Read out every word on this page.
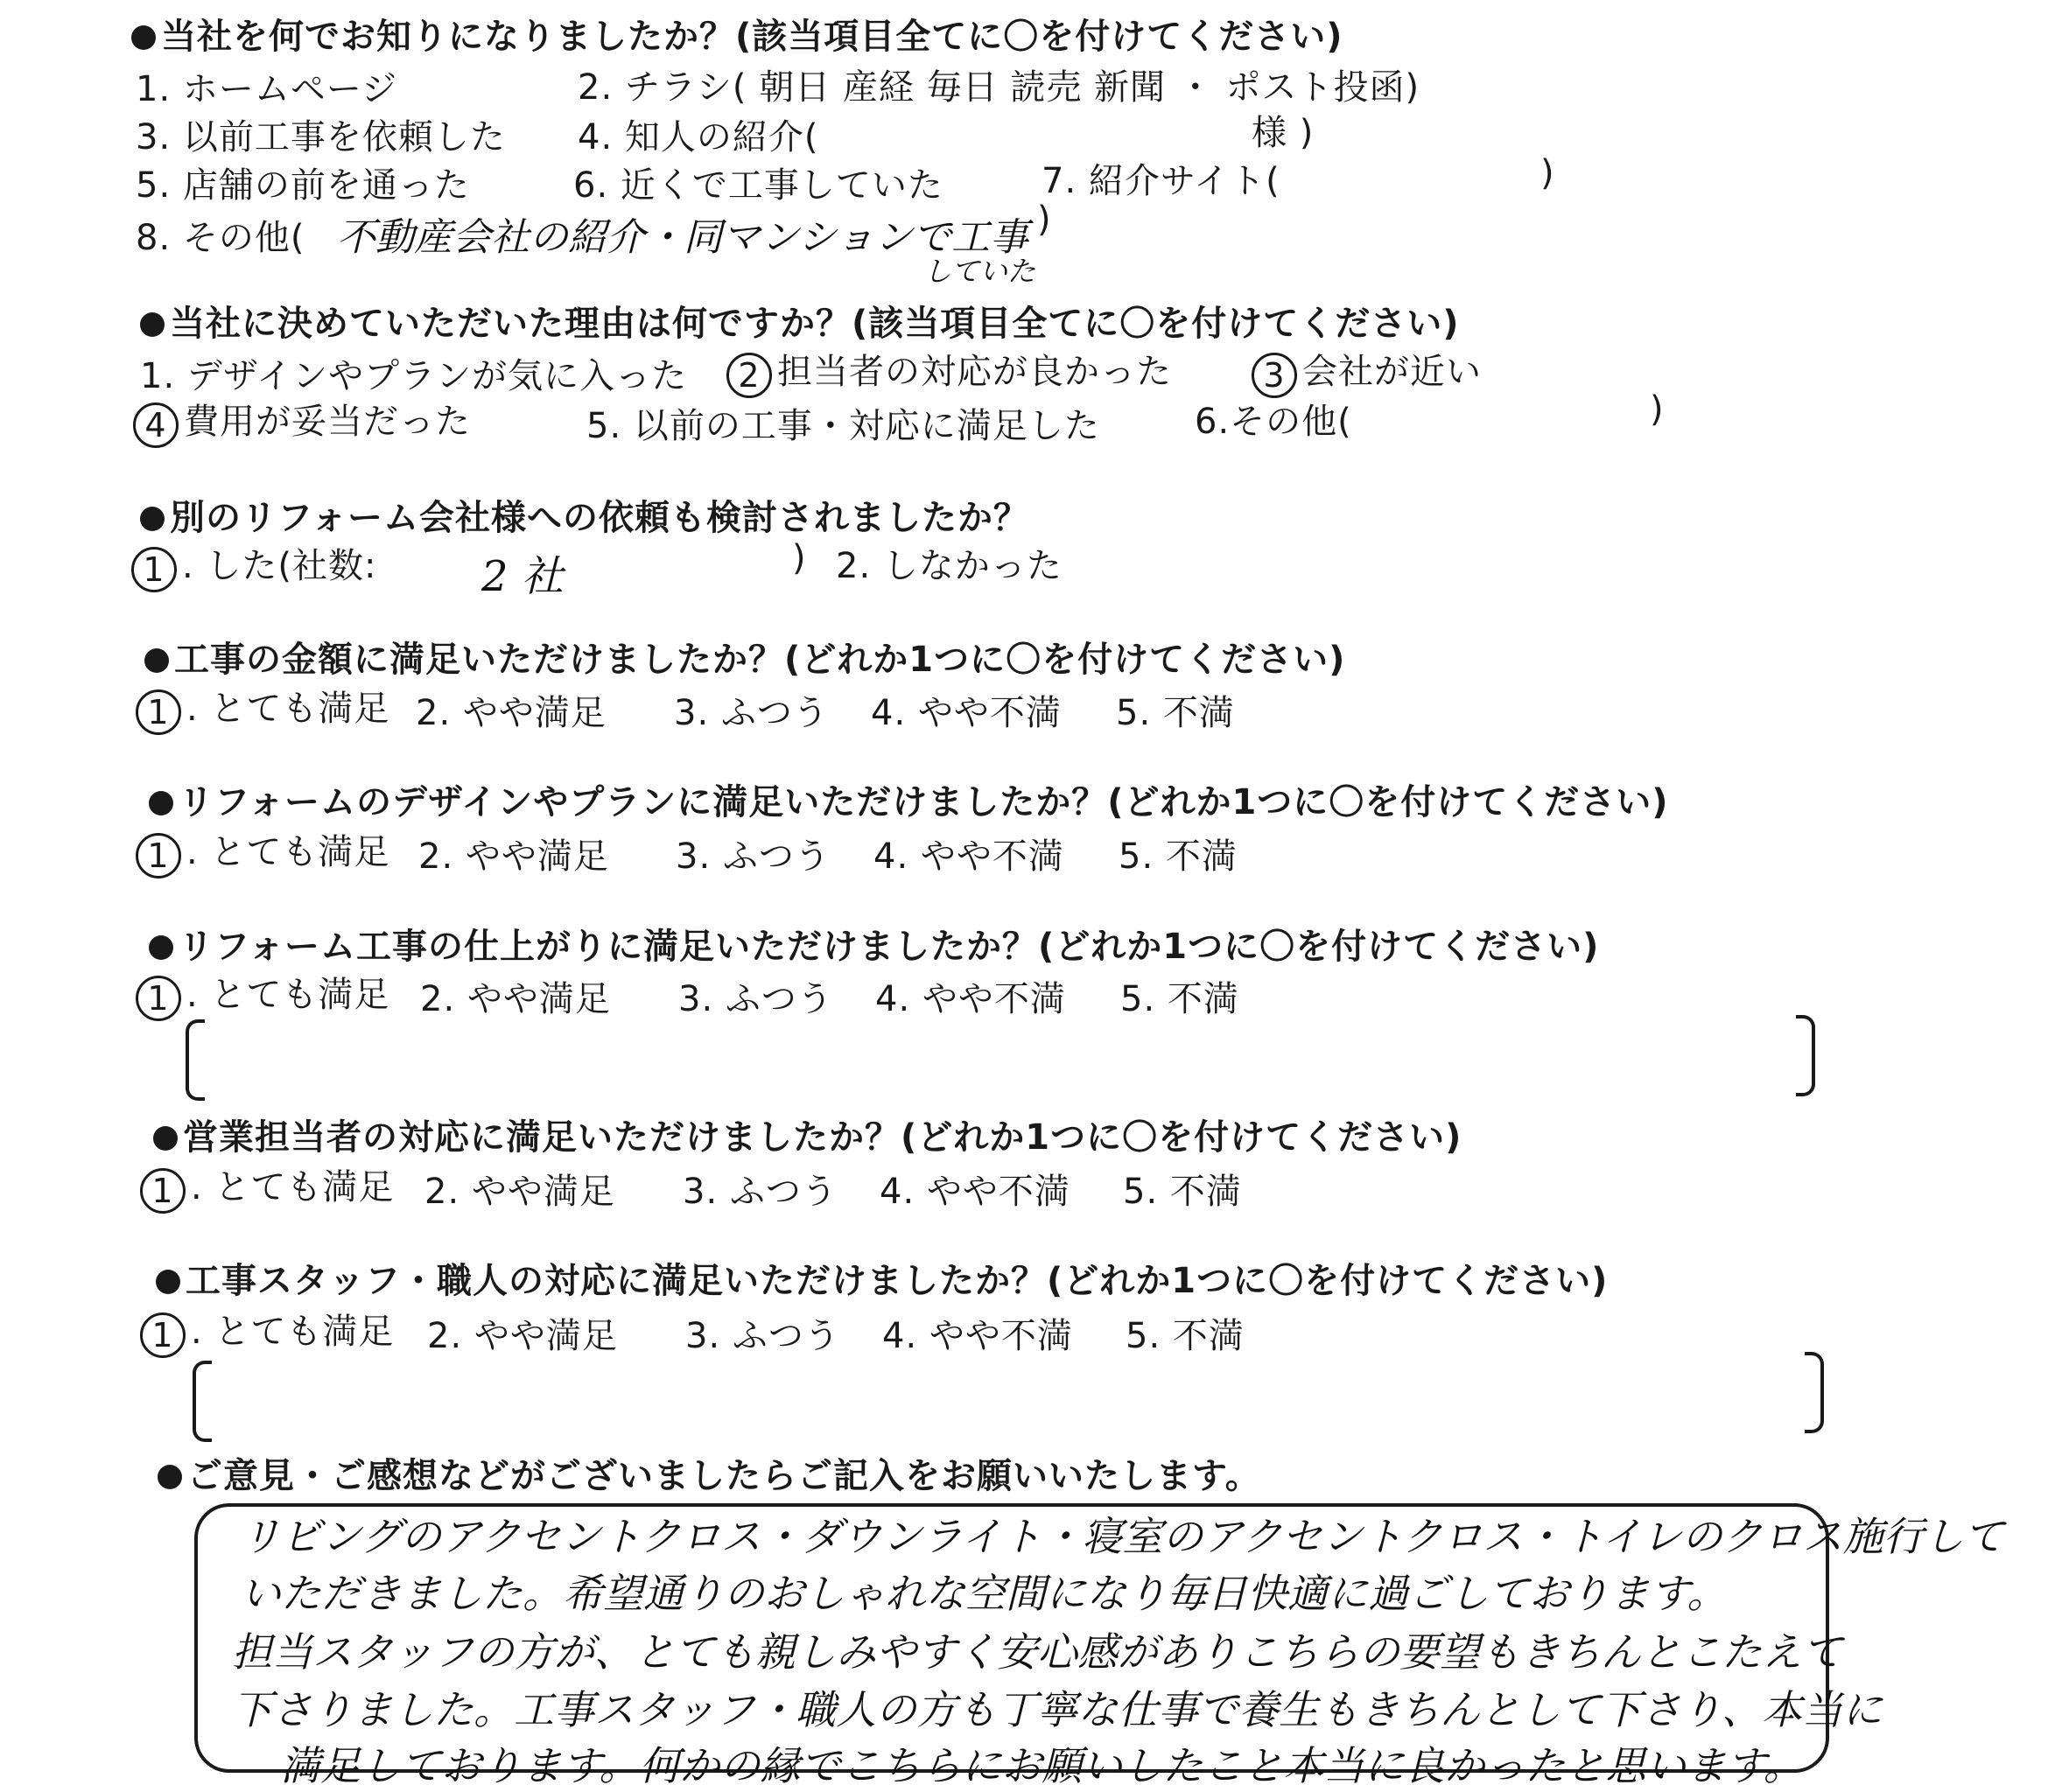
当社を何でお知りになりましたか？(該当項目全てに〇を付けてください)
1. ホームページ	2. チラシ( 朝日 産経 毎日 読売 新聞 ・ ポスト投函)
3. 以前工事を依頼した 4. 知人の紹介(	様 )
5. 店舗の前を通った	6. 近くで工事していた	7. 紹介サイト(	)
8. その他( 不動産会社の紹介・同マンションで工事 )
していた
当社に決めていただいた理由は何ですか？(該当項目全てに〇を付けてください)
1. デザインやプランが気に入った	2 担当者の対応が良かった	3 会社が近い
4 費用が妥当だった	5. 以前の工事・対応に満足した	6.その他(	)
別のリフォーム会社様への依頼も検討されましたか？
1 . した(社数: 2 社	) 2. しなかった
工事の金額に満足いただけましたか？(どれか1つに〇を付けてください)
1 . とても満足 2. やや満足 3. ふつう 4. やや不満 5. 不満
リフォームのデザインやプランに満足いただけましたか？(どれか1つに〇を付けてください)
1 . とても満足 2. やや満足 3. ふつう 4. やや不満 5. 不満
リフォーム工事の仕上がりに満足いただけましたか？(どれか1つに〇を付けてください)
1 . とても満足 2. やや満足 3. ふつう 4. やや不満 5. 不満
営業担当者の対応に満足いただけましたか？(どれか1つに〇を付けてください)
1 . とても満足 2. やや満足 3. ふつう 4. やや不満 5. 不満
工事スタッフ・職人の対応に満足いただけましたか？(どれか1つに〇を付けてください)
1 . とても満足 2. やや満足 3. ふつう 4. やや不満 5. 不満
ご意見・ご感想などがございましたらご記入をお願いいたします。
リビングのアクセントクロス・ダウンライト・寝室のアクセントクロス・トイレのクロス施行して
いただきました。希望通りのおしゃれな空間になり毎日快適に過ごしております。
担当スタッフの方が、とても親しみやすく安心感がありこちらの要望もきちんとこたえて
下さりました。工事スタッフ・職人の方も丁寧な仕事で養生もきちんとして下さり、本当に
満足しております。何かの縁でこちらにお願いしたこと本当に良かったと思います。
